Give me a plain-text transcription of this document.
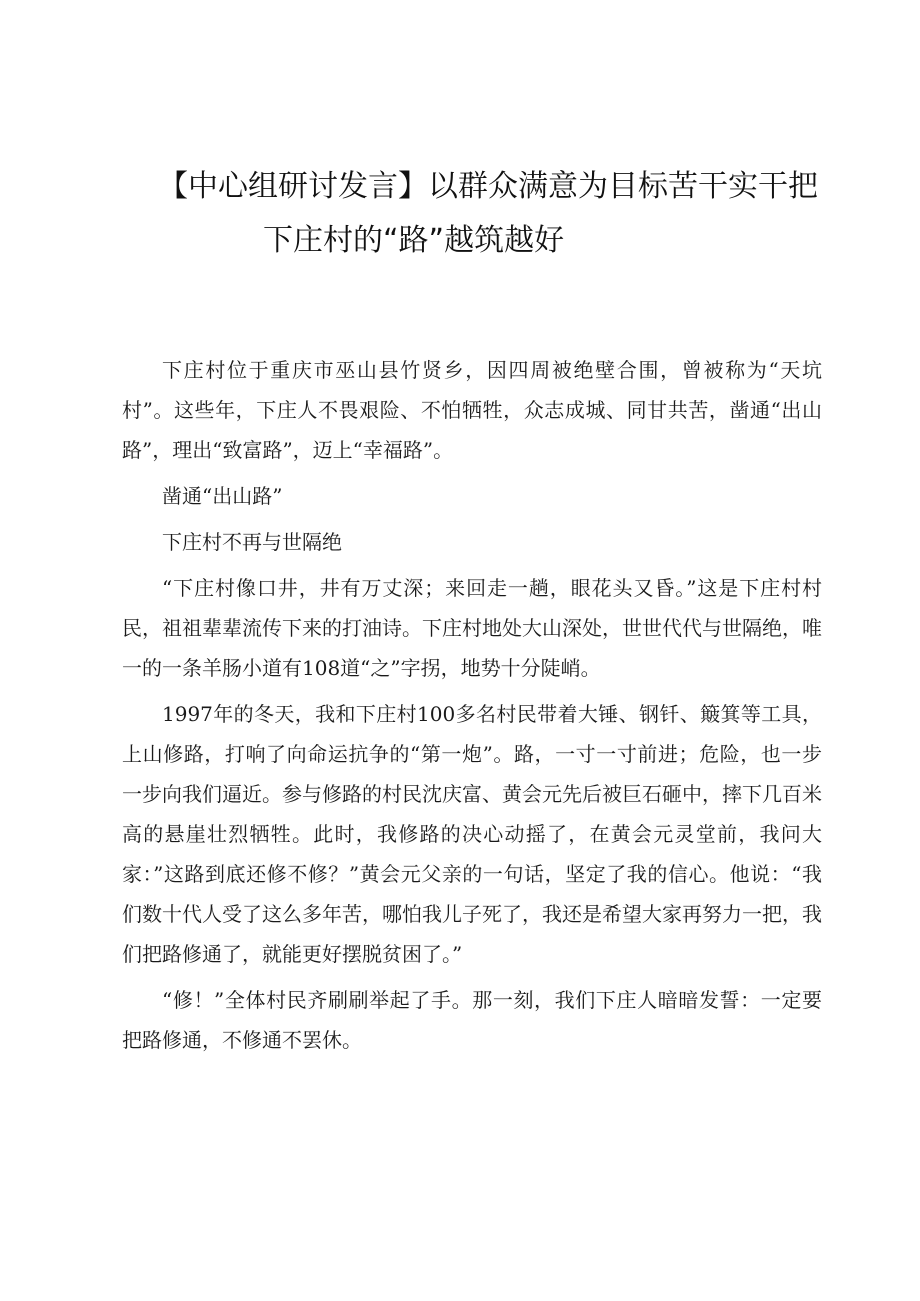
【中心组研讨发言】以群众满意为目标苦干实干把
下庄村的“路”越筑越好

下庄村位于重庆市巫山县竹贤乡，因四周被绝壁合围，曾被称为“天坑村”。这些年，下庄人不畏艰险、不怕牺牲，众志成城、同甘共苦，凿通“出山路”，理出“致富路”，迈上“幸福路”。

凿通“出山路”

下庄村不再与世隔绝

“下庄村像口井，井有万丈深；来回走一趟，眼花头又昏。”这是下庄村村民，祖祖辈辈流传下来的打油诗。下庄村地处大山深处，世世代代与世隔绝，唯一的一条羊肠小道有108道“之”字拐，地势十分陡峭。

1997年的冬天，我和下庄村100多名村民带着大锤、钢钎、簸箕等工具，上山修路，打响了向命运抗争的“第一炮”。路，一寸一寸前进；危险，也一步一步向我们逼近。参与修路的村民沈庆富、黄会元先后被巨石砸中，摔下几百米高的悬崖壮烈牺牲。此时，我修路的决心动摇了，在黄会元灵堂前，我问大家：”这路到底还修不修？”黄会元父亲的一句话，坚定了我的信心。他说：“我们数十代人受了这么多年苦，哪怕我儿子死了，我还是希望大家再努力一把，我们把路修通了，就能更好摆脱贫困了。”

“修！”全体村民齐刷刷举起了手。那一刻，我们下庄人暗暗发誓：一定要把路修通，不修通不罢休。
